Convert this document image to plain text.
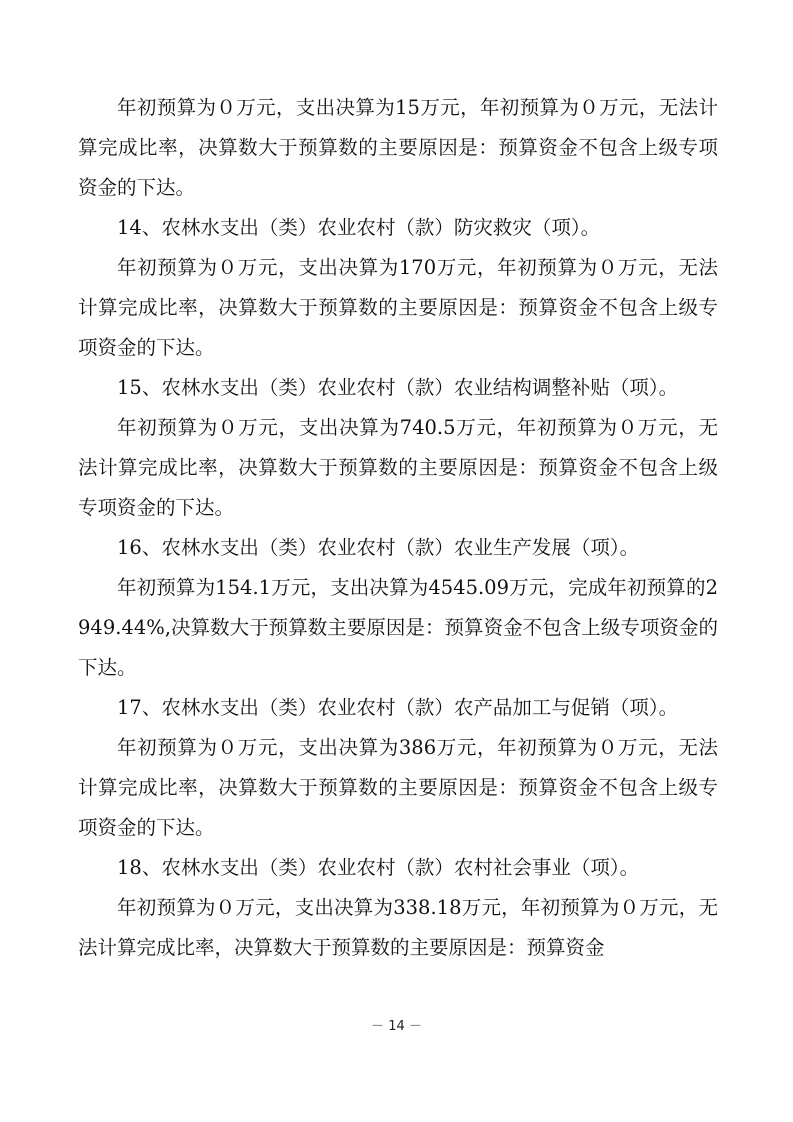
年初预算为０万元，支出决算为15万元，年初预算为０万元，无法计算完成比率，决算数大于预算数的主要原因是：预算资金不包含上级专项资金的下达。

14、农林水支出（类）农业农村（款）防灾救灾（项）。

年初预算为０万元，支出决算为170万元，年初预算为０万元，无法计算完成比率，决算数大于预算数的主要原因是：预算资金不包含上级专项资金的下达。

15、农林水支出（类）农业农村（款）农业结构调整补贴（项）。

年初预算为０万元，支出决算为740.5万元，年初预算为０万元，无法计算完成比率，决算数大于预算数的主要原因是：预算资金不包含上级专项资金的下达。

16、农林水支出（类）农业农村（款）农业生产发展（项）。

年初预算为154.1万元，支出决算为4545.09万元，完成年初预算的2949.44%,决算数大于预算数主要原因是：预算资金不包含上级专项资金的下达。

17、农林水支出（类）农业农村（款）农产品加工与促销（项）。

年初预算为０万元，支出决算为386万元，年初预算为０万元，无法计算完成比率，决算数大于预算数的主要原因是：预算资金不包含上级专项资金的下达。

18、农林水支出（类）农业农村（款）农村社会事业（项）。

年初预算为０万元，支出决算为338.18万元，年初预算为０万元，无法计算完成比率，决算数大于预算数的主要原因是：预算资金

－ 14 －
